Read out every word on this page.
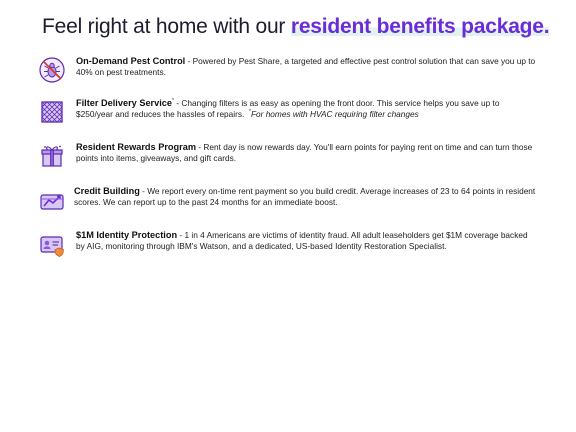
Feel right at home with our resident benefits package.
On-Demand Pest Control - Powered by Pest Share, a targeted and effective pest control solution that can save you up to 40% on pest treatments.
Filter Delivery Service* - Changing filters is as easy as opening the front door. This service helps you save up to $250/year and reduces the hassles of repairs. *For homes with HVAC requiring filter changes
Resident Rewards Program - Rent day is now rewards day. You'll earn points for paying rent on time and can turn those points into items, giveaways, and gift cards.
Credit Building - We report every on-time rent payment so you build credit. Average increases of 23 to 64 points in resident scores. We can report up to the past 24 months for an immediate boost.
$1M Identity Protection - 1 in 4 Americans are victims of identity fraud. All adult leaseholders get $1M coverage backed by AIG, monitoring through IBM's Watson, and a dedicated, US-based Identity Restoration Specialist.
